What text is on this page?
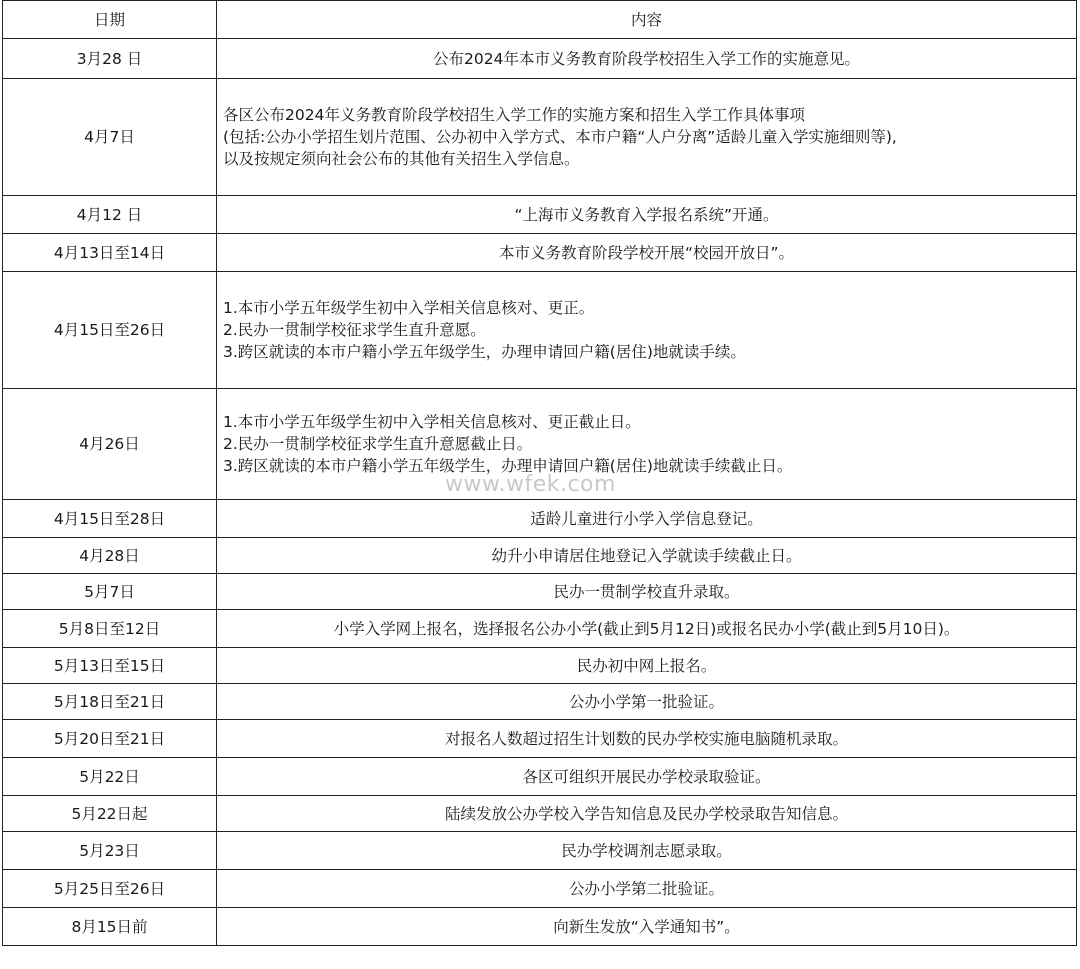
日期	内容
3月28 日	公布2024年本市义务教育阶段学校招生入学工作的实施意见。

4月7日	各区公布2024年义务教育阶段学校招生入学工作的实施方案和招生入学工作具体事项
(包括:公办小学招生划片范围、公办初中入学方式、本市户籍“人户分离”适龄儿童入学实施细则等),
以及按规定须向社会公布的其他有关招生入学信息。

4月12 日	“上海市义务教育入学报名系统”开通。

4月13日至14日	本市义务教育阶段学校开展“校园开放日”。

4月15日至26日	1.本市小学五年级学生初中入学相关信息核对、更正。
2.民办一贯制学校征求学生直升意愿。
3.跨区就读的本市户籍小学五年级学生，办理申请回户籍(居住)地就读手续。

4月26日	1.本市小学五年级学生初中入学相关信息核对、更正截止日。
2.民办一贯制学校征求学生直升意愿截止日。
3.跨区就读的本市户籍小学五年级学生，办理申请回户籍(居住)地就读手续截止日。

4月15日至28日	适龄儿童进行小学入学信息登记。

4月28日	幼升小申请居住地登记入学就读手续截止日。

5月7日	民办一贯制学校直升录取。

5月8日至12日	小学入学网上报名，选择报名公办小学(截止到5月12日)或报名民办小学(截止到5月10日)。

5月13日至15日	民办初中网上报名。

5月18日至21日	公办小学第一批验证。

5月20日至21日	对报名人数超过招生计划数的民办学校实施电脑随机录取。

5月22日	各区可组织开展民办学校录取验证。

5月22日起	陆续发放公办学校入学告知信息及民办学校录取告知信息。

5月23日	民办学校调剂志愿录取。

5月25日至26日	公办小学第二批验证。

8月15日前	向新生发放“入学通知书”。
www.wfek.com
